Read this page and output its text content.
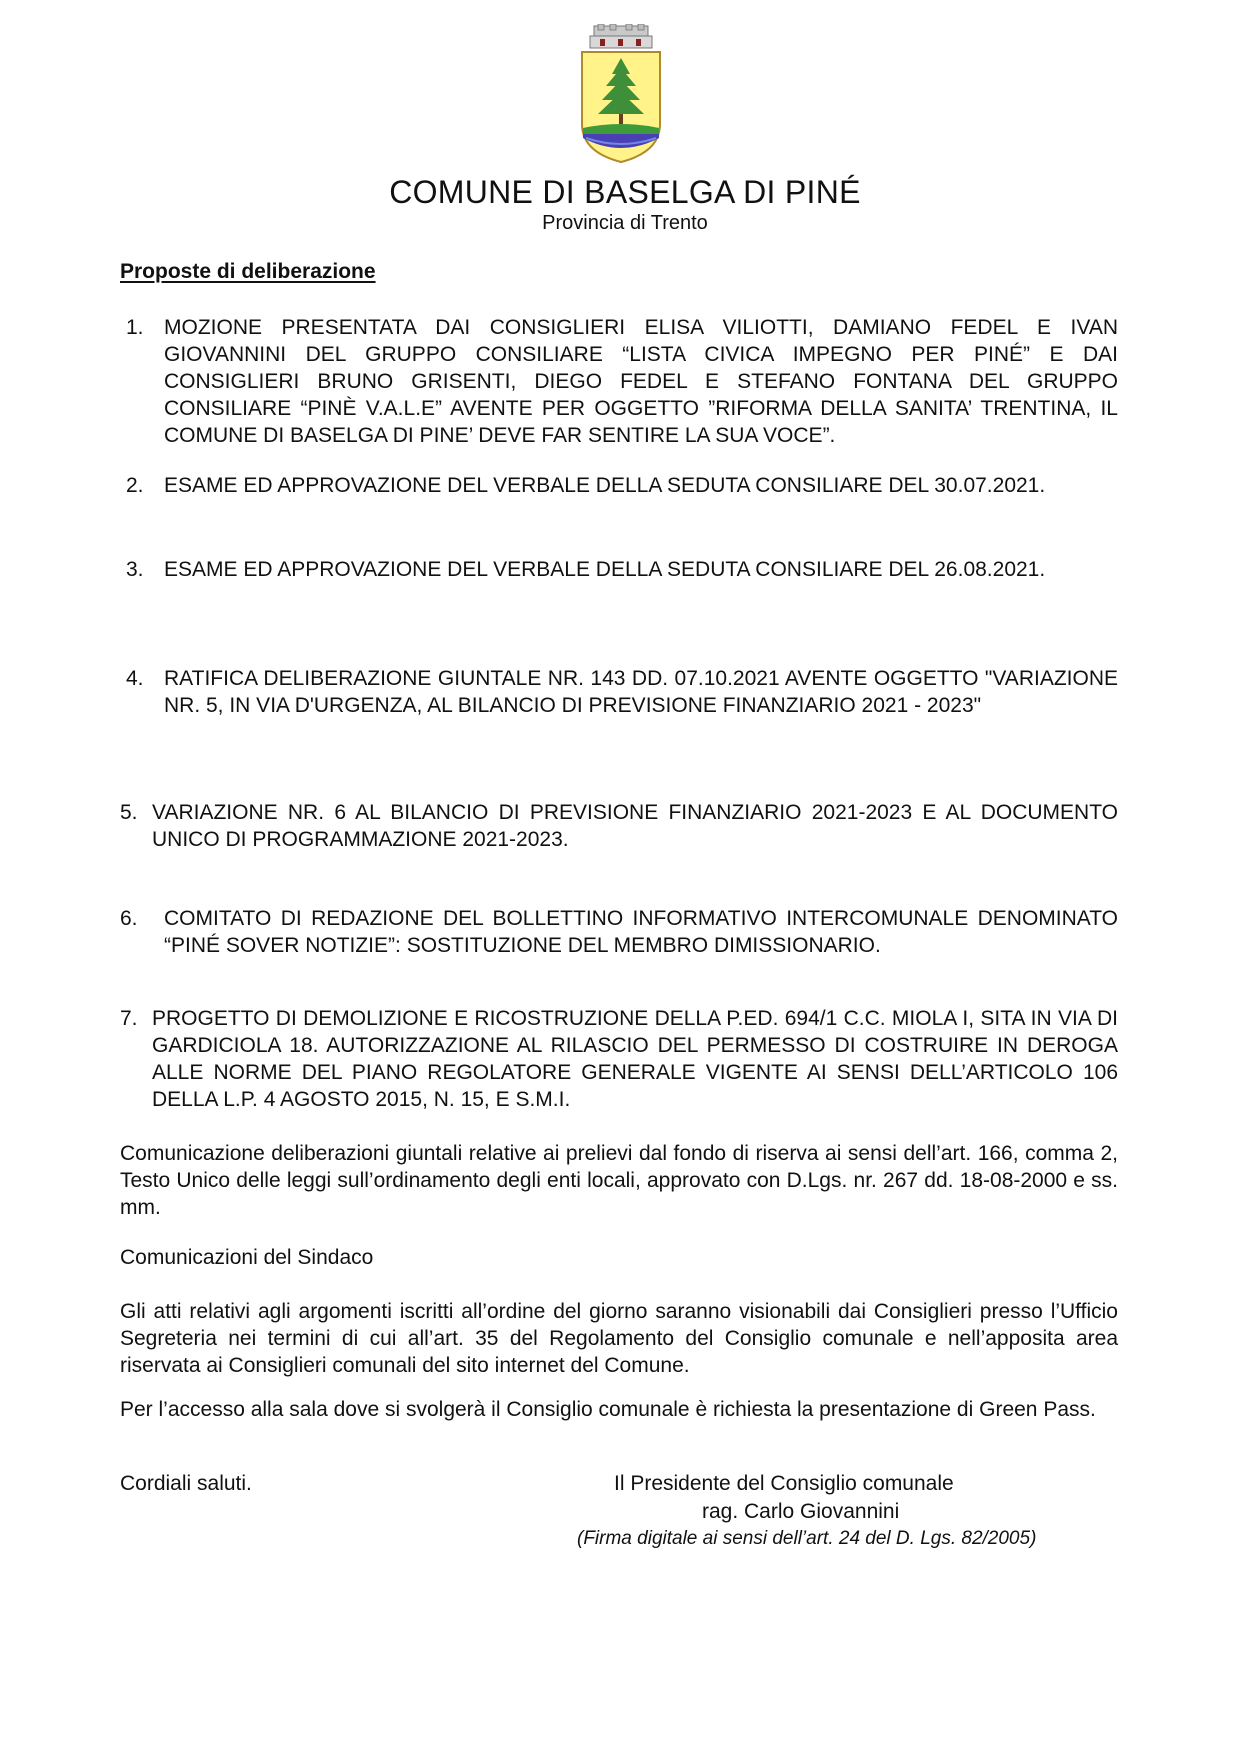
COMUNE DI BASELGA DI PINÉ
Provincia di Trento
Proposte di deliberazione
1. MOZIONE PRESENTATA DAI CONSIGLIERI ELISA VILIOTTI, DAMIANO FEDEL E IVAN GIOVANNINI DEL GRUPPO CONSILIARE “LISTA CIVICA IMPEGNO PER PINÉ” E DAI CONSIGLIERI BRUNO GRISENTI, DIEGO FEDEL E STEFANO FONTANA DEL GRUPPO CONSILIARE “PINÈ V.A.L.E” AVENTE PER OGGETTO ”RIFORMA DELLA SANITA’ TRENTINA, IL COMUNE DI BASELGA DI PINE’ DEVE FAR SENTIRE LA SUA VOCE”.
2. ESAME ED APPROVAZIONE DEL VERBALE DELLA SEDUTA CONSILIARE DEL 30.07.2021.
3. ESAME ED APPROVAZIONE DEL VERBALE DELLA SEDUTA CONSILIARE DEL 26.08.2021.
4. RATIFICA DELIBERAZIONE GIUNTALE NR. 143 DD. 07.10.2021 AVENTE OGGETTO "VARIAZIONE NR. 5, IN VIA D'URGENZA, AL BILANCIO DI PREVISIONE FINANZIARIO 2021 - 2023"
5. VARIAZIONE NR. 6 AL BILANCIO DI PREVISIONE FINANZIARIO 2021-2023 E AL DOCUMENTO UNICO DI PROGRAMMAZIONE 2021-2023.
6.	COMITATO DI REDAZIONE DEL BOLLETTINO INFORMATIVO INTERCOMUNALE DENOMINATO “PINÉ SOVER NOTIZIE”: SOSTITUZIONE DEL MEMBRO DIMISSIONARIO.
7. PROGETTO DI DEMOLIZIONE E RICOSTRUZIONE DELLA P.ED. 694/1 C.C. MIOLA I, SITA IN VIA DI GARDICIOLA 18. AUTORIZZAZIONE AL RILASCIO DEL PERMESSO DI COSTRUIRE IN DEROGA ALLE NORME DEL PIANO REGOLATORE GENERALE VIGENTE AI SENSI DELL’ARTICOLO 106 DELLA L.P. 4 AGOSTO 2015, N. 15, E S.M.I.
Comunicazione deliberazioni giuntali relative ai prelievi dal fondo di riserva ai sensi dell’art. 166, comma 2, Testo Unico delle leggi sull’ordinamento degli enti locali, approvato con D.Lgs. nr. 267 dd. 18-08-2000 e ss. mm.
Comunicazioni del Sindaco
Gli atti relativi agli argomenti iscritti all’ordine del giorno saranno visionabili dai Consiglieri presso l’Ufficio Segreteria nei termini di cui all’art. 35 del Regolamento del Consiglio comunale e nell’apposita area riservata ai Consiglieri comunali del sito internet del Comune.
Per l’accesso alla sala dove si svolgerà il Consiglio comunale è richiesta la presentazione di Green Pass.
Cordiali saluti.	Il Presidente del Consiglio comunale
rag. Carlo Giovannini
(Firma digitale ai sensi dell’art. 24 del D. Lgs. 82/2005)
